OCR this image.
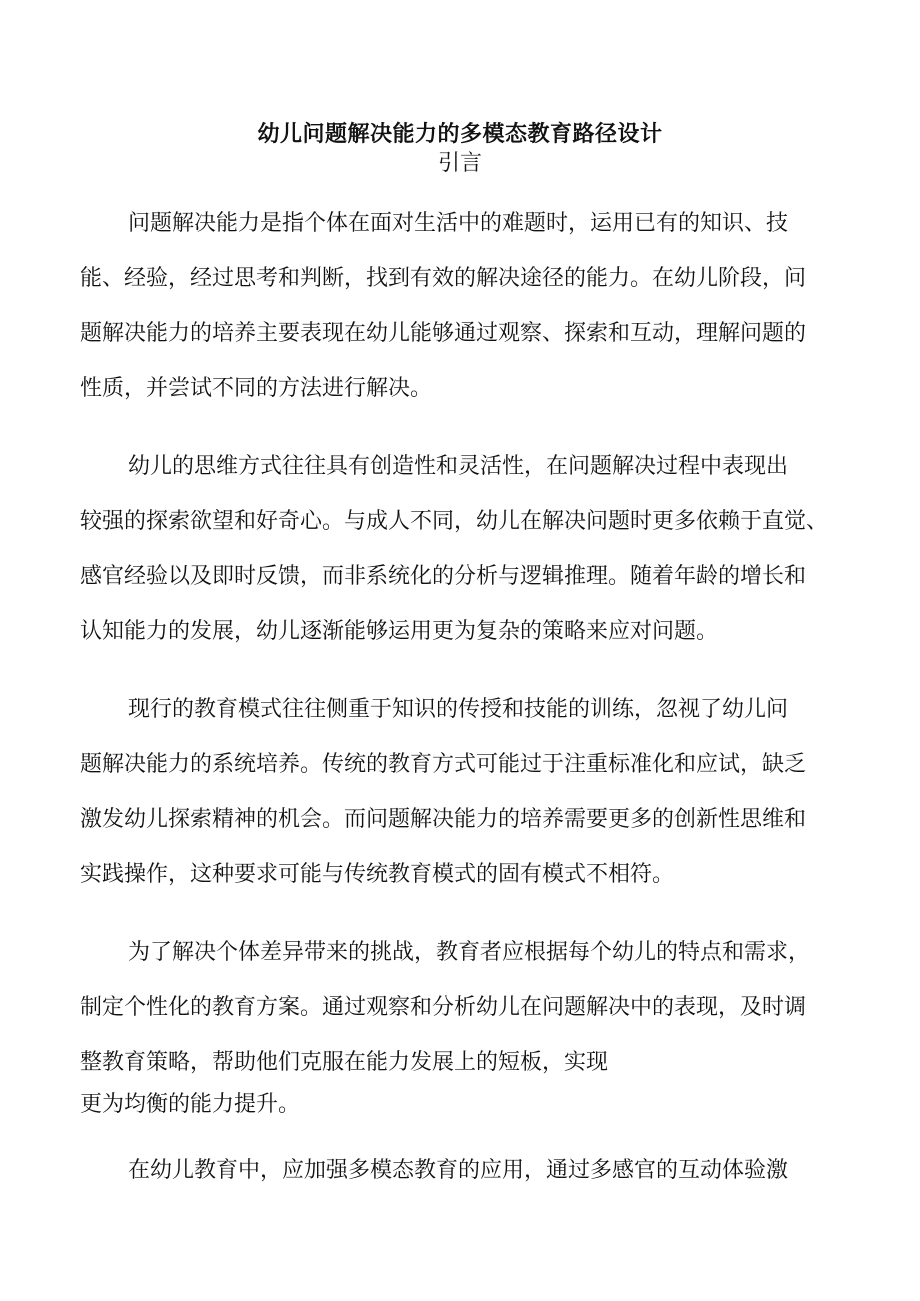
幼儿问题解决能力的多模态教育路径设计
引言
问题解决能力是指个体在面对生活中的难题时，运用已有的知识、技
能、经验，经过思考和判断，找到有效的解决途径的能力。在幼儿阶段，问
题解决能力的培养主要表现在幼儿能够通过观察、探索和互动，理解问题的
性质，并尝试不同的方法进行解决。
幼儿的思维方式往往具有创造性和灵活性，在问题解决过程中表现出
较强的探索欲望和好奇心。与成人不同，幼儿在解决问题时更多依赖于直觉、
感官经验以及即时反馈，而非系统化的分析与逻辑推理。随着年龄的增长和
认知能力的发展，幼儿逐渐能够运用更为复杂的策略来应对问题。
现行的教育模式往往侧重于知识的传授和技能的训练，忽视了幼儿问
题解决能力的系统培养。传统的教育方式可能过于注重标准化和应试，缺乏
激发幼儿探索精神的机会。而问题解决能力的培养需要更多的创新性思维和
实践操作，这种要求可能与传统教育模式的固有模式不相符。
为了解决个体差异带来的挑战，教育者应根据每个幼儿的特点和需求，
制定个性化的教育方案。通过观察和分析幼儿在问题解决中的表现，及时调
整教育策略，帮助他们克服在能力发展上的短板，实现
更为均衡的能力提升。
在幼儿教育中，应加强多模态教育的应用，通过多感官的互动体验激
